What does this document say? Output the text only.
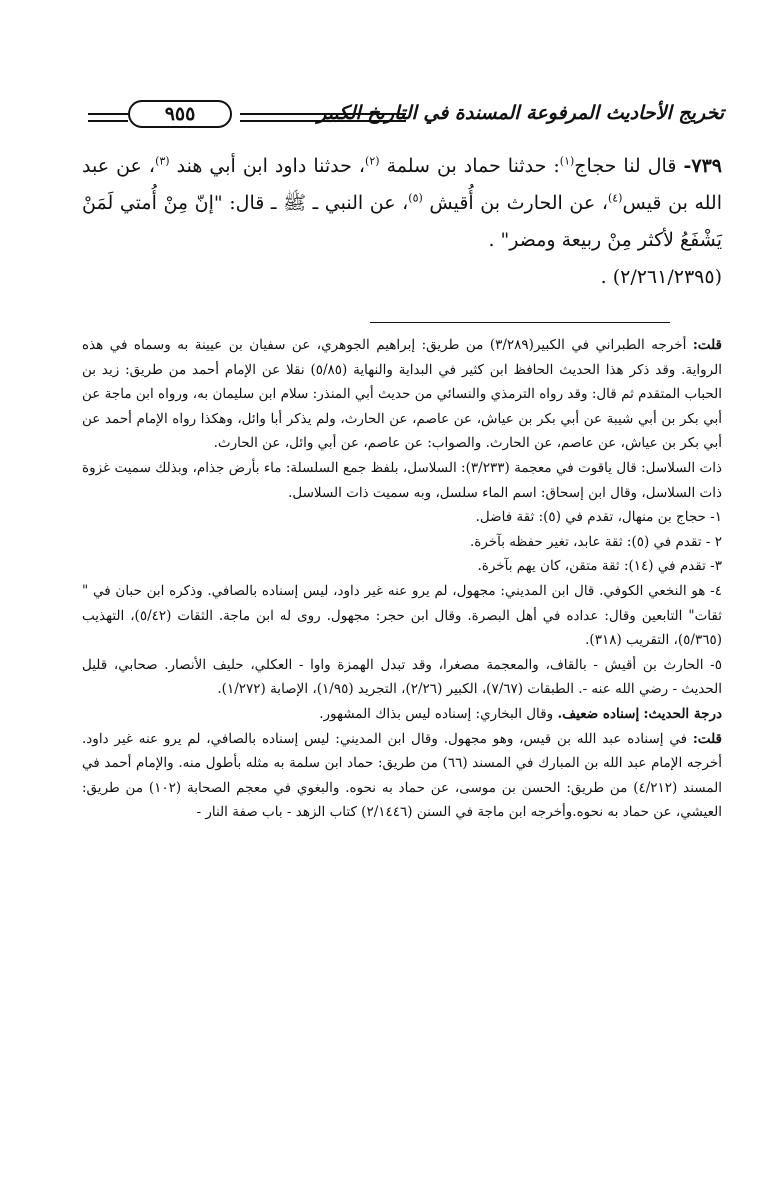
تخريج الأحاديث المرفوعة المسندة في التاريخ الكبير
٩٥٥

٧٣٩- قال لنا حجاج$^{(١)}$: حدثنا حماد بن سلمة $^{(٢)}$، حدثنا داود ابن أبي هند $^{(٣)}$، عن عبد الله بن قيس$^{(٤)}$، عن الحارث بن أُقيش $^{(٥)}$، عن النبي ـ ﷺ ـ قال: "إنّ مِنْ أُمتي لَمَنْ يَشْفَعُ لأكثر مِنْ ربيعة ومضر" .

(٢/٢٦١/٢٣٩٥) .

قلت: أخرجه الطبراني في الكبير(٣/٢٨٩) من طريق: إبراهيم الجوهري، عن سفيان بن عيينة به وسماه في هذه الرواية. وقد ذكر هذا الحديث الحافظ ابن كثير في البداية والنهاية (٥/٨٥) نقلا عن الإمام أحمد من طريق: زيد بن الحباب المتقدم ثم قال: وقد رواه الترمذي والنسائي من حديث أبي المنذر: سلام ابن سليمان به، ورواه ابن ماجة عن أبي بكر بن أبي شيبة عن أبي بكر بن عياش، عن عاصم، عن الحارث، ولم يذكر أبا وائل، وهكذا رواه الإمام أحمد عن أبي بكر بن عياش، عن عاصم، عن الحارث. والصواب: عن عاصم، عن أبي وائل، عن الحارث.

ذات السلاسل: قال ياقوت في معجمة (٣/٢٣٣): السلاسل، بلفظ جمع السلسلة: ماء بأرض جذام، وبذلك سميت غزوة ذات السلاسل، وقال ابن إسحاق: اسم الماء سلسل، وبه سميت ذات السلاسل.

١- حجاج بن منهال، تقدم في (٥): ثقة فاضل.

٢ - تقدم في (٥): ثقة عابد، تغير حفظه بآخرة.

٣- تقدم في (١٤): ثقة متقن، كان يهم بآخرة.

٤- هو النخعي الكوفي. قال ابن المديني: مجهول، لم يرو عنه غير داود، ليس إسناده بالصافي. وذكره ابن حبان في " ثقات" التابعين وقال: عداده في أهل البصرة. وقال ابن حجر: مجهول. روى له ابن ماجة. الثقات (٥/٤٢)، التهذيب (٥/٣٦٥)، التقريب (٣١٨).

٥- الحارث بن أقيش - بالقاف، والمعجمة مصغرا، وقد تبدل الهمزة واوا - العكلي، حليف الأنصار. صحابي، قليل الحديث - رضي الله عنه -. الطبقات (٧/٦٧)، الكبير (٢/٢٦)، التجريد (١/٩٥)، الإصابة (١/٢٧٢).

درجة الحديث: إسناده ضعيف. وقال البخاري: إسناده ليس بذاك المشهور.

قلت: في إسناده عبد الله بن قيس، وهو مجهول. وقال ابن المديني: ليس إسناده بالصافي، لم يرو عنه غير داود. أخرجه الإمام عبد الله بن المبارك في المسند (٦٦) من طريق: حماد ابن سلمة به مثله بأطول منه. والإمام أحمد في المسند (٤/٢١٢) من طريق: الحسن بن موسى، عن حماد به نحوه. والبغوي في معجم الصحابة (١٠٢) من طريق: العيشي، عن حماد به نحوه.وأخرجه ابن ماجة في السنن (٢/١٤٤٦) كتاب الزهد - باب صفة النار -
